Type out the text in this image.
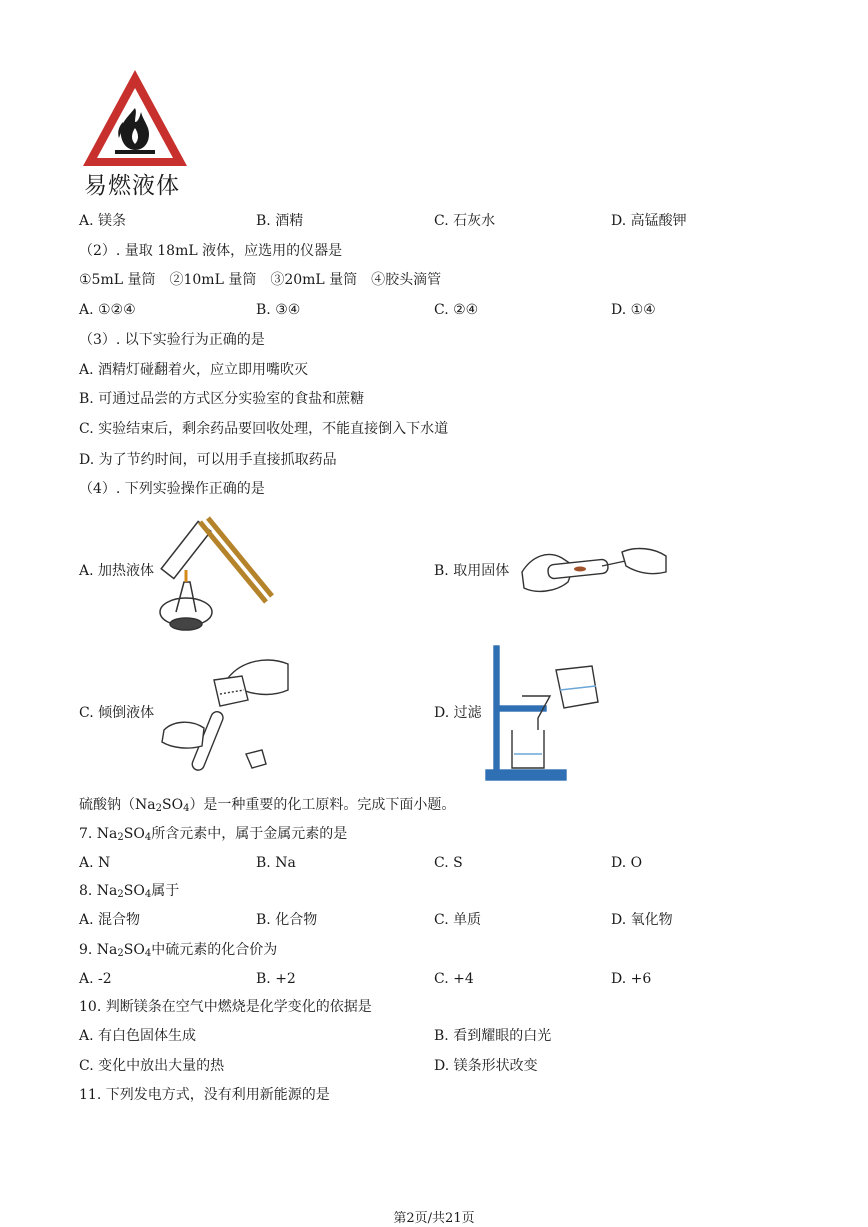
易燃液体
A. 镁条	B. 酒精	C. 石灰水	D. 高锰酸钾
（2）. 量取 18mL 液体，应选用的仪器是
①5mL 量筒　②10mL 量筒　③20mL 量筒　④胶头滴管
A. ①②④	B. ③④	C. ②④	D. ①④
（3）. 以下实验行为正确的是
A. 酒精灯碰翻着火，应立即用嘴吹灭
B. 可通过品尝的方式区分实验室的食盐和蔗糖
C. 实验结束后，剩余药品要回收处理，不能直接倒入下水道
D. 为了节约时间，可以用手直接抓取药品
（4）. 下列实验操作正确的是
A. 加热液体	B. 取用固体
C. 倾倒液体	D. 过滤
硫酸钠$(Na_2SO_4)$是一种重要的化工原料。完成下面小题。
7. $Na_2SO_4$所含元素中，属于金属元素的是
A. N	B. Na	C. S	D. O
8. $Na_2SO_4$属于
A. 混合物	B. 化合物	C. 单质	D. 氧化物
9. $Na_2SO_4$中硫元素的化合价为
A. -2	B. +2	C. +4	D. +6
10. 判断镁条在空气中燃烧是化学变化的依据是
A. 有白色固体生成	B. 看到耀眼的白光
C. 变化中放出大量的热	D. 镁条形状改变
11. 下列发电方式，没有利用新能源的是
第2页/共21页
